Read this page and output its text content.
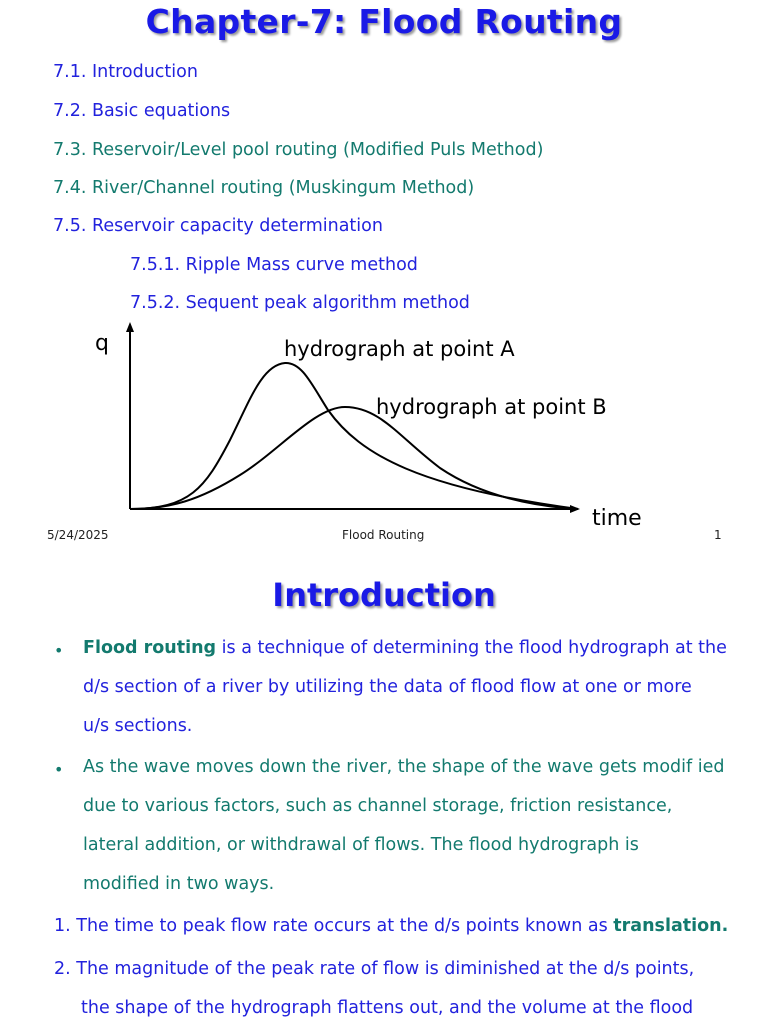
Chapter-7: Flood Routing
7.1. Introduction
7.2. Basic equations
7.3. Reservoir/Level pool routing (Modified Puls Method)
7.4. River/Channel routing (Muskingum Method)
7.5. Reservoir capacity determination
7.5.1. Ripple Mass curve method
7.5.2. Sequent peak algorithm method
q
time
hydrograph at point A
hydrograph at point B
5/24/2025	Flood Routing	1
Introduction
• Flood routing is a technique of determining the flood hydrograph at the
d/s section of a river by utilizing the data of flood flow at one or more
u/s sections.
• As the wave moves down the river, the shape of the wave gets modif ied
due to various factors, such as channel storage, friction resistance,
lateral addition, or withdrawal of flows. The flood hydrograph is
modified in two ways.
1. The time to peak flow rate occurs at the d/s points known as translation.
2. The magnitude of the peak rate of flow is diminished at the d/s points,
the shape of the hydrograph flattens out, and the volume at the flood
